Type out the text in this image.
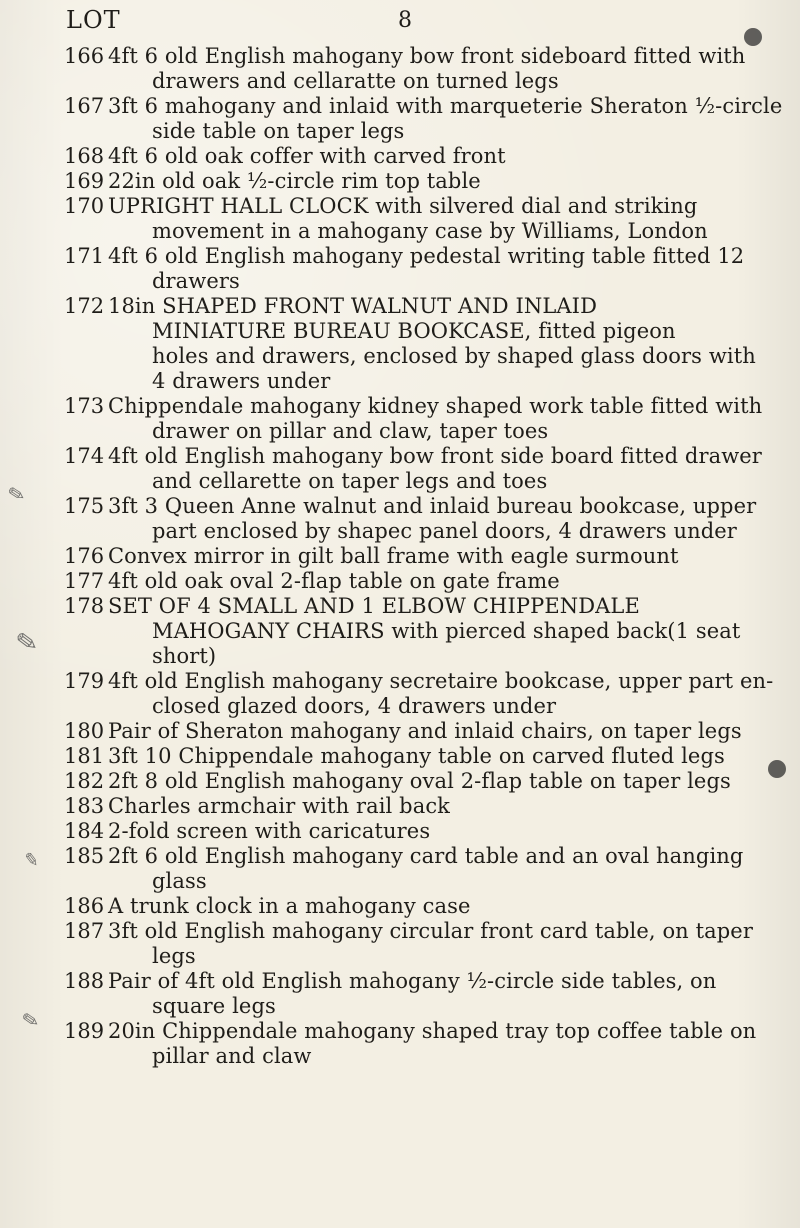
LOT	8
166 4ft 6 old English mahogany bow front sideboard fitted with
drawers and cellaratte on turned legs
167 3ft 6 mahogany and inlaid with marqueterie Sheraton ½-circle
side table on taper legs
168 4ft 6 old oak coffer with carved front
169 22in old oak ½-circle rim top table
170 UPRIGHT HALL CLOCK with silvered dial and striking
movement in a mahogany case by Williams, London
171 4ft 6 old English mahogany pedestal writing table fitted 12
drawers
172 18in SHAPED FRONT WALNUT AND INLAID
MINIATURE BUREAU BOOKCASE, fitted pigeon
holes and drawers, enclosed by shaped glass doors with
4 drawers under
173 Chippendale mahogany kidney shaped work table fitted with
drawer on pillar and claw, taper toes
174 4ft old English mahogany bow front side board fitted drawer
and cellarette on taper legs and toes
175 3ft 3 Queen Anne walnut and inlaid bureau bookcase, upper
part enclosed by shapec panel doors, 4 drawers under
176 Convex mirror in gilt ball frame with eagle surmount
177 4ft old oak oval 2-flap table on gate frame
178 SET OF 4 SMALL AND 1 ELBOW CHIPPENDALE
MAHOGANY CHAIRS with pierced shaped back(1 seat
short)
179 4ft old English mahogany secretaire bookcase, upper part en-
closed glazed doors, 4 drawers under
180 Pair of Sheraton mahogany and inlaid chairs, on taper legs
181 3ft 10 Chippendale mahogany table on carved fluted legs
182 2ft 8 old English mahogany oval 2-flap table on taper legs
183 Charles armchair with rail back
184 2-fold screen with caricatures
185 2ft 6 old English mahogany card table and an oval hanging
glass
186 A trunk clock in a mahogany case
187 3ft old English mahogany circular front card table, on taper
legs
188 Pair of 4ft old English mahogany ½-circle side tables, on
square legs
189 20in Chippendale mahogany shaped tray top coffee table on
pillar and claw
✎
✎
✎
✎
